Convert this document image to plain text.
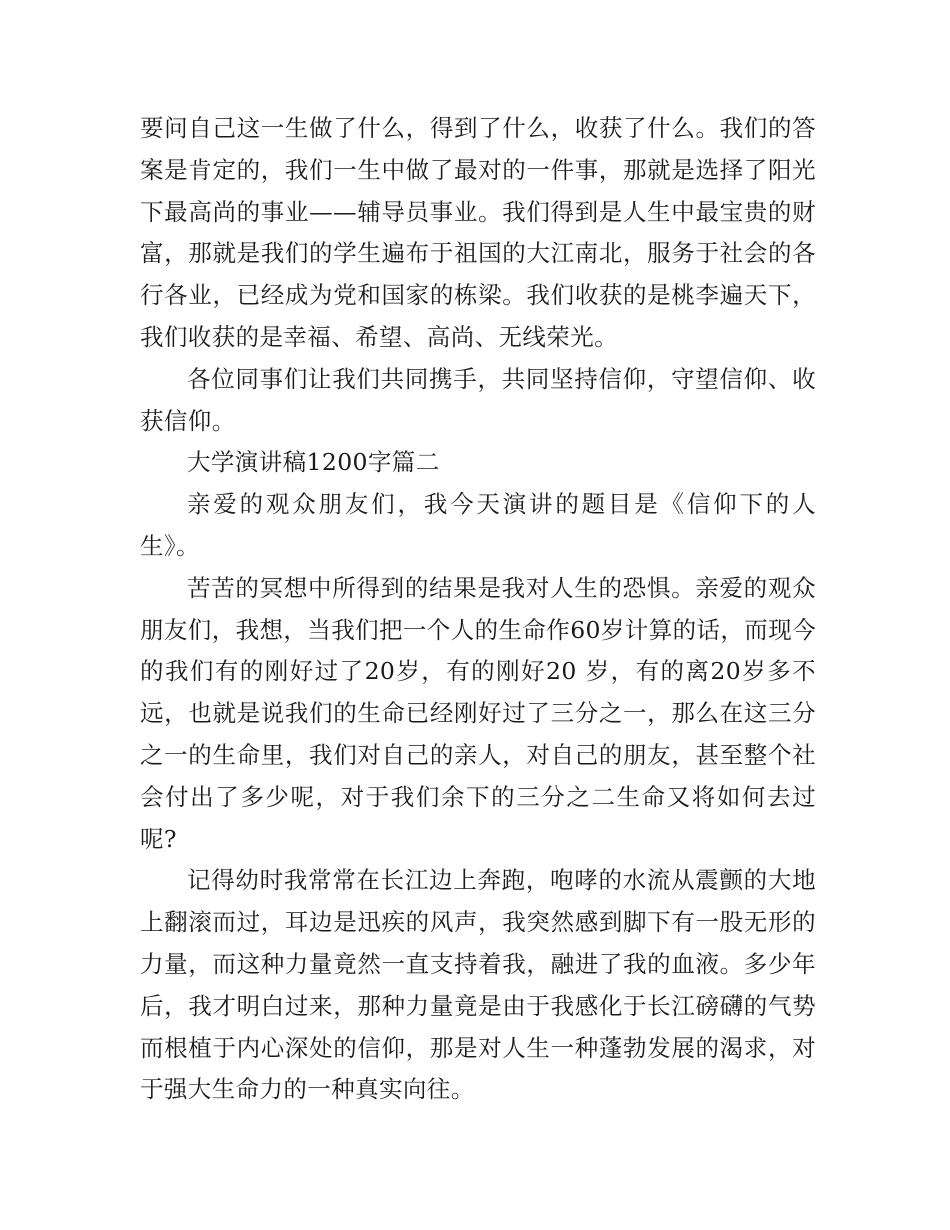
要问自己这一生做了什么，得到了什么，收获了什么。我们的答案是肯定的，我们一生中做了最对的一件事，那就是选择了阳光下最高尚的事业——辅导员事业。我们得到是人生中最宝贵的财富，那就是我们的学生遍布于祖国的大江南北，服务于社会的各行各业，已经成为党和国家的栋梁。我们收获的是桃李遍天下，我们收获的是幸福、希望、高尚、无线荣光。

各位同事们让我们共同携手，共同坚持信仰，守望信仰、收获信仰。

大学演讲稿1200字篇二

亲爱的观众朋友们，我今天演讲的题目是《信仰下的人生》。

苦苦的冥想中所得到的结果是我对人生的恐惧。亲爱的观众朋友们，我想，当我们把一个人的生命作60岁计算的话，而现今的我们有的刚好过了20岁，有的刚好20 岁，有的离20岁多不远，也就是说我们的生命已经刚好过了三分之一，那么在这三分之一的生命里，我们对自己的亲人，对自己的朋友，甚至整个社会付出了多少呢，对于我们余下的三分之二生命又将如何去过呢?

记得幼时我常常在长江边上奔跑，咆哮的水流从震颤的大地上翻滚而过，耳边是迅疾的风声，我突然感到脚下有一股无形的力量，而这种力量竟然一直支持着我，融进了我的血液。多少年后，我才明白过来，那种力量竟是由于我感化于长江磅礴的气势而根植于内心深处的信仰，那是对人生一种蓬勃发展的渴求，对于强大生命力的一种真实向往。
